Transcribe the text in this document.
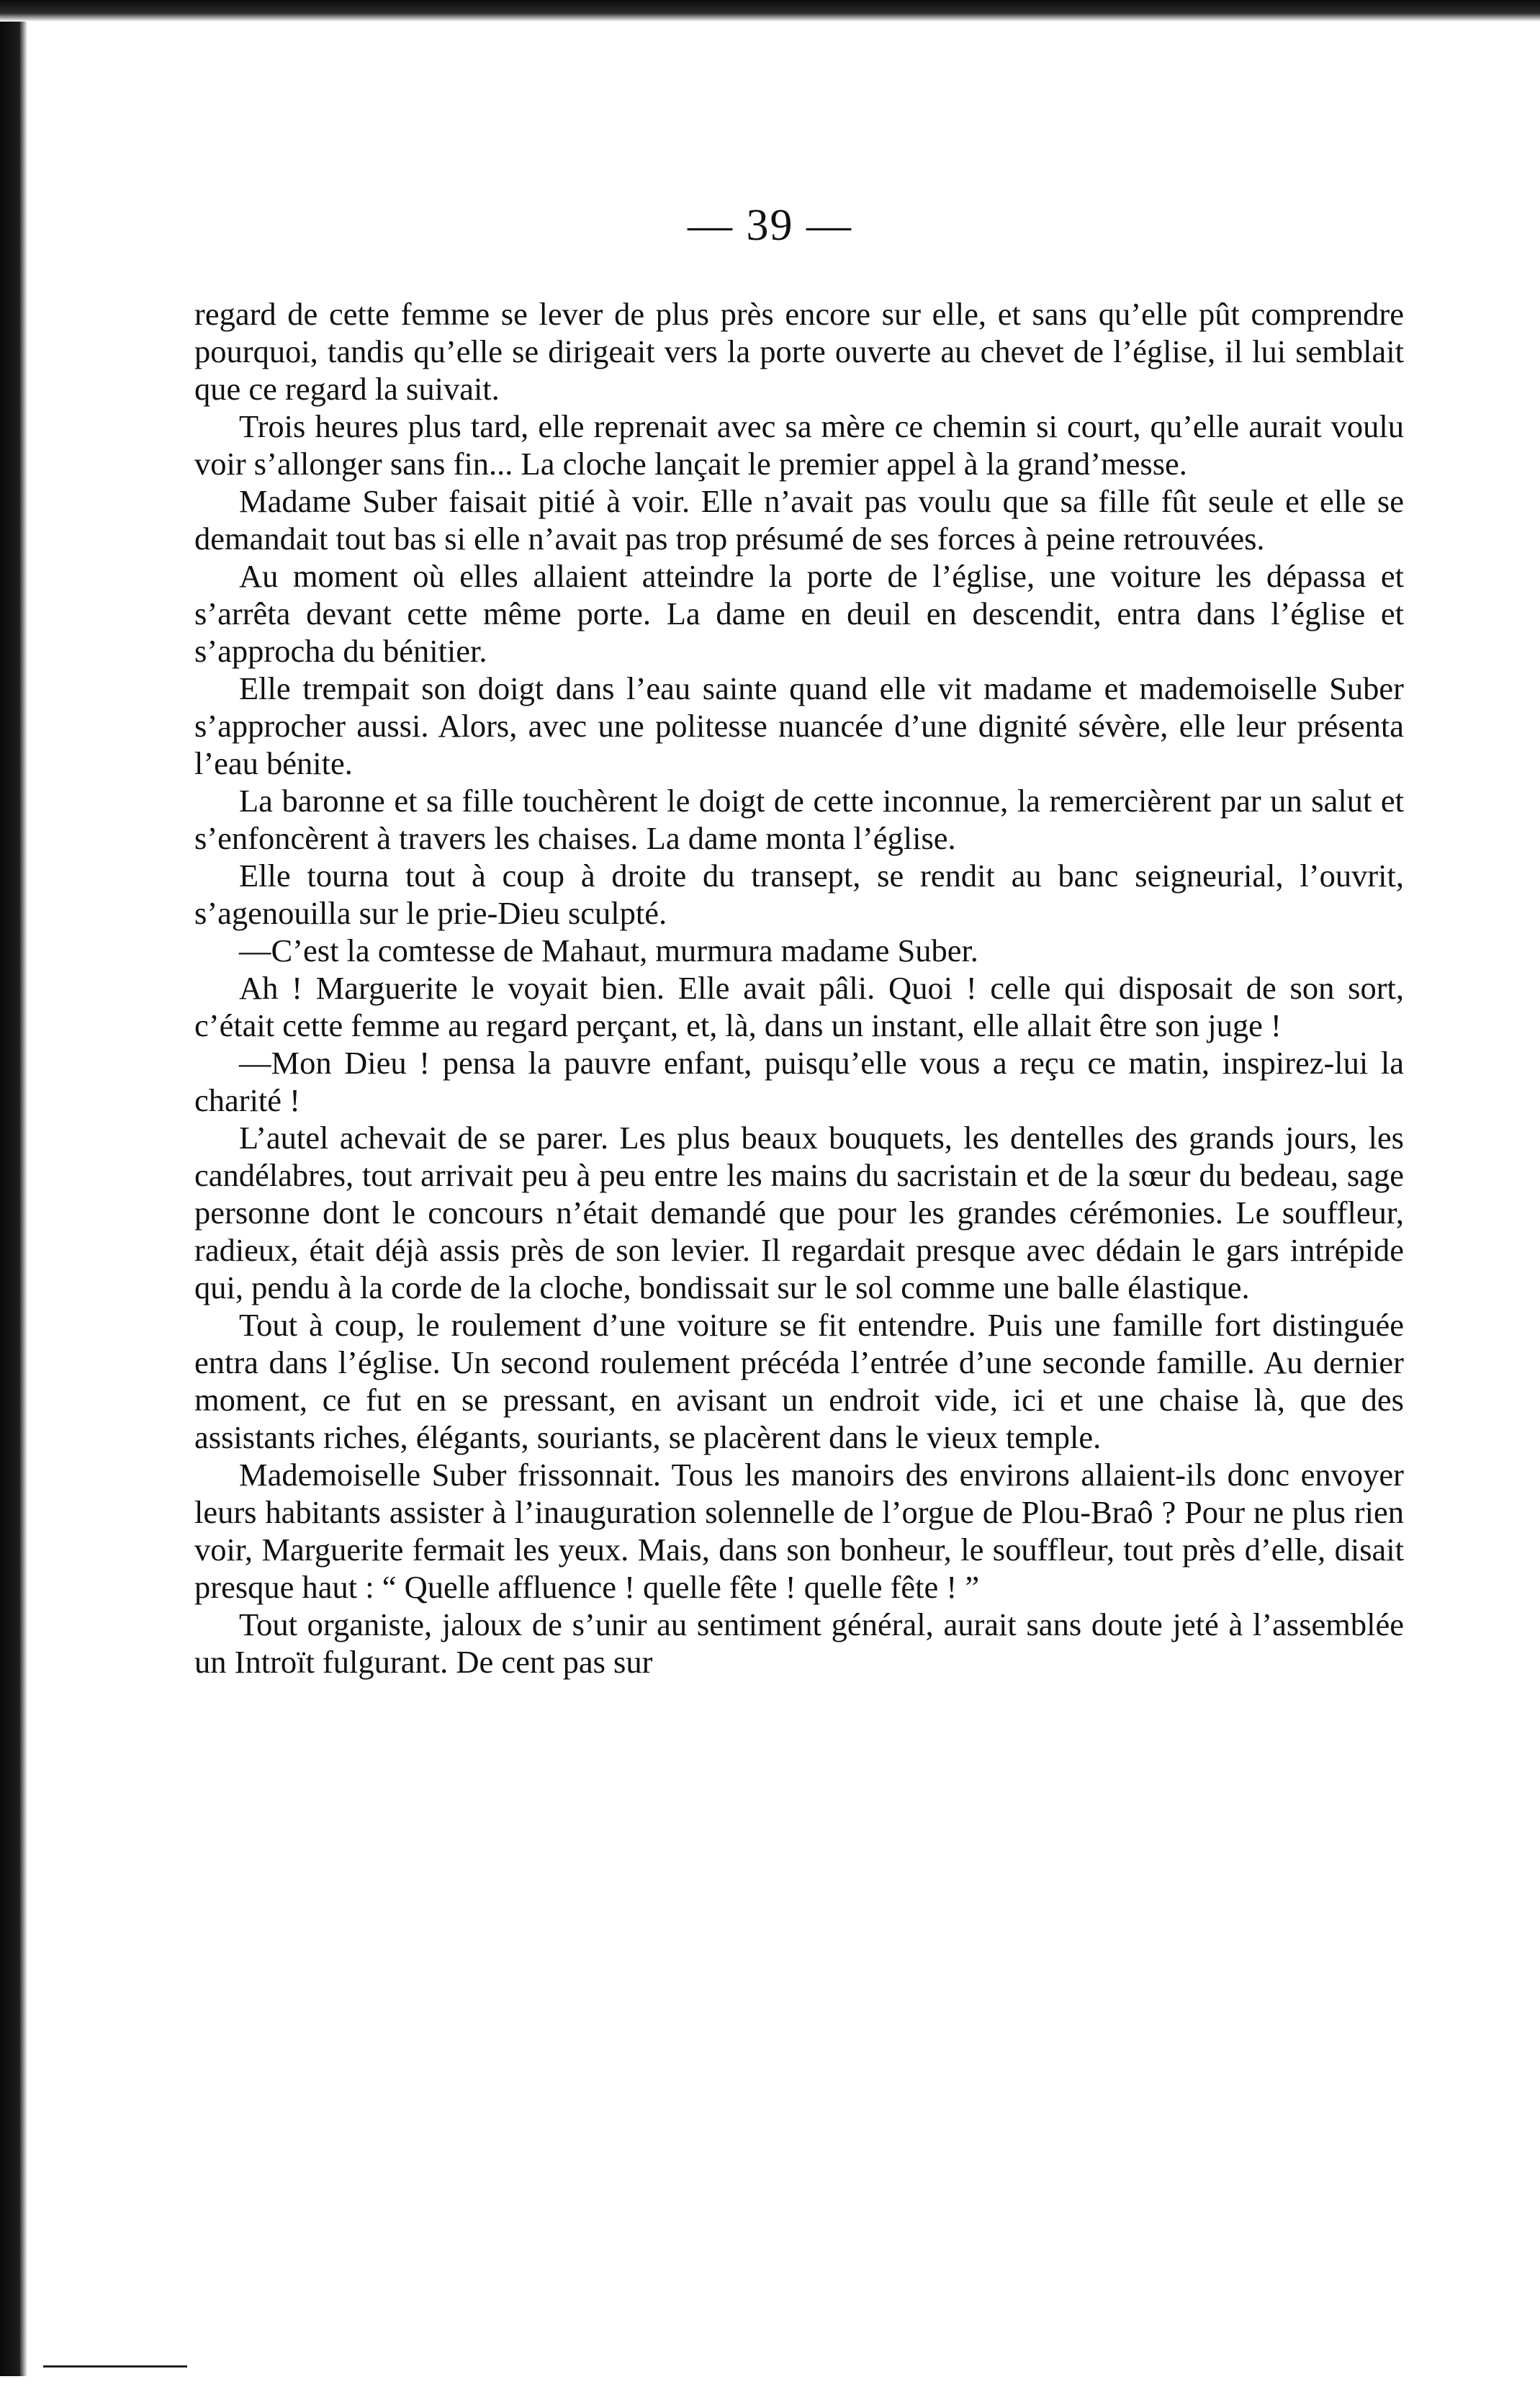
— 39 —

regard de cette femme se lever de plus près encore sur elle, et sans qu’elle pût comprendre pourquoi, tandis qu’elle se dirigeait vers la porte ouverte au chevet de l’église, il lui semblait que ce regard la suivait.

Trois heures plus tard, elle reprenait avec sa mère ce chemin si court, qu’elle aurait voulu voir s’allonger sans fin... La cloche lançait le premier appel à la grand’messe.

Madame Suber faisait pitié à voir. Elle n’avait pas voulu que sa fille fût seule et elle se demandait tout bas si elle n’avait pas trop présumé de ses forces à peine retrouvées.

Au moment où elles allaient atteindre la porte de l’église, une voiture les dépassa et s’arrêta devant cette même porte. La dame en deuil en descendit, entra dans l’église et s’approcha du bénitier.

Elle trempait son doigt dans l’eau sainte quand elle vit madame et mademoiselle Suber s’approcher aussi. Alors, avec une politesse nuancée d’une dignité sévère, elle leur présenta l’eau bénite.

La baronne et sa fille touchèrent le doigt de cette inconnue, la remercièrent par un salut et s’enfoncèrent à travers les chaises. La dame monta l’église.

Elle tourna tout à coup à droite du transept, se rendit au banc seigneurial, l’ouvrit, s’agenouilla sur le prie-Dieu sculpté.

—C’est la comtesse de Mahaut, murmura madame Suber.

Ah ! Marguerite le voyait bien. Elle avait pâli. Quoi ! celle qui disposait de son sort, c’était cette femme au regard perçant, et, là, dans un instant, elle allait être son juge !

—Mon Dieu ! pensa la pauvre enfant, puisqu’elle vous a reçu ce matin, inspirez-lui la charité !

L’autel achevait de se parer. Les plus beaux bouquets, les dentelles des grands jours, les candélabres, tout arrivait peu à peu entre les mains du sacristain et de la sœur du bedeau, sage personne dont le concours n’était demandé que pour les grandes cérémonies. Le souffleur, radieux, était déjà assis près de son levier. Il regardait presque avec dédain le gars intrépide qui, pendu à la corde de la cloche, bondissait sur le sol comme une balle élastique.

Tout à coup, le roulement d’une voiture se fit entendre. Puis une famille fort distinguée entra dans l’église. Un second roulement précéda l’entrée d’une seconde famille. Au dernier moment, ce fut en se pressant, en avisant un endroit vide, ici et une chaise là, que des assistants riches, élégants, souriants, se placèrent dans le vieux temple.

Mademoiselle Suber frissonnait. Tous les manoirs des environs allaient-ils donc envoyer leurs habitants assister à l’inauguration solennelle de l’orgue de Plou-Braô ? Pour ne plus rien voir, Marguerite fermait les yeux. Mais, dans son bonheur, le souffleur, tout près d’elle, disait presque haut : “ Quelle affluence ! quelle fête ! quelle fête ! ”

Tout organiste, jaloux de s’unir au sentiment général, aurait sans doute jeté à l’assemblée un Introït fulgurant. De cent pas sur
